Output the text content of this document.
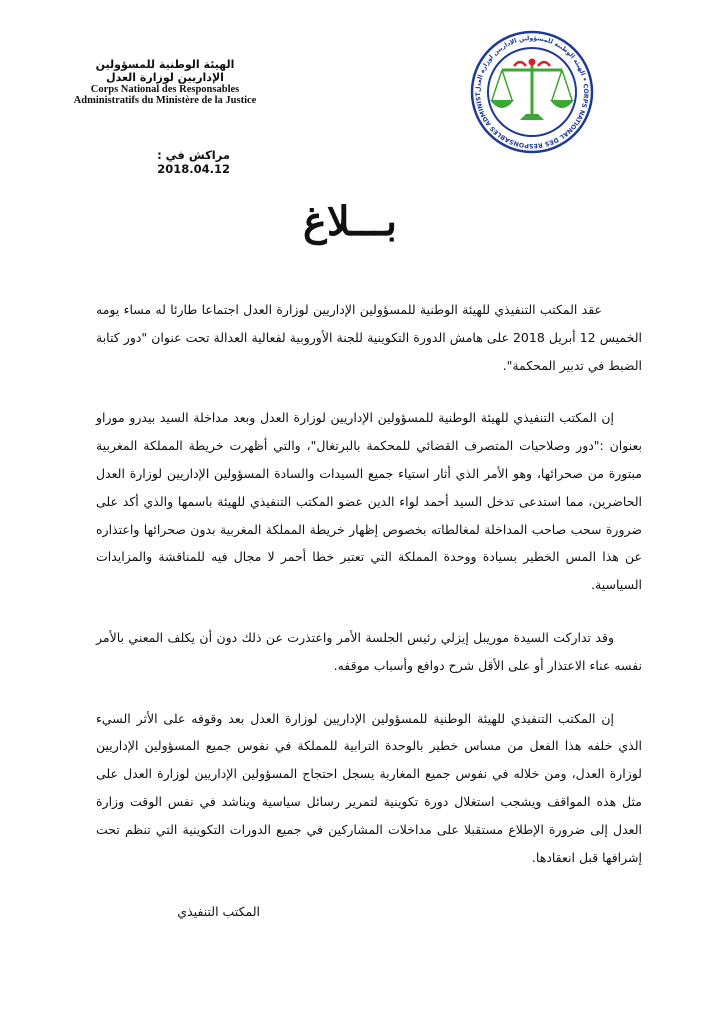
الهيئة الوطنية للمسؤولين
الإداريين لوزارة العدل
Corps National des Responsables
Administratifs du Ministère de la Justice
الهيئة الوطنية للمسؤولين الإداريين لوزارة العدل • CORPS NATIONAL DES RESPONSABLES ADMINIST
مراكش في : 2018.04.12
بـــلاغ

عقد المكتب التنفيذي للهيئة الوطنية للمسؤولين الإداريين لوزارة العدل اجتماعا طارئا له مساء يومه الخميس 12 أبريل 2018 على هامش الدورة التكوينية للجنة الأوروبية لفعالية العدالة تحت عنوان "دور كتابة الضبط في تدبير المحكمة".

إن المكتب التنفيذي للهيئة الوطنية للمسؤولين الإداريين لوزارة العدل وبعد مداخلة السيد بيدرو موراو بعنوان :"دور وصلاحيات المتصرف القضائي للمحكمة بالبرتغال"، والتي أظهرت خريطة المملكة المغربية مبتورة من صحرائها، وهو الأمر الذي أثار استياء جميع السيدات والسادة المسؤولين الإداريين لوزارة العدل الحاضرين، مما استدعى تدخل السيد أحمد لواء الدين عضو المكتب التنفيذي للهيئة باسمها والذي أكد على ضرورة سحب صاحب المداخلة لمغالطاته بخصوص إظهار خريطة المملكة المغربية بدون صحرائها واعتذاره عن هذا المس الخطير بسيادة ووحدة المملكة التي تعتبر خطا أحمر لا مجال فيه للمناقشة والمزايدات السياسية.

وقد تداركت السيدة موريبل إيزلي رئيس الجلسة الأمر واعتذرت عن ذلك دون أن يكلف المعني بالأمر نفسه عناء الاعتذار أو على الأقل شرح دوافع وأسباب موقفه.

إن المكتب التنفيذي للهيئة الوطنية للمسؤولين الإداريين لوزارة العدل بعد وقوفه على الأثر السيء الذي خلفه هذا الفعل من مساس خطير بالوحدة الترابية للمملكة في نفوس جميع المسؤولين الإداريين لوزارة العدل، ومن خلاله في نفوس جميع المغاربة يسجل احتجاج المسؤولين الإداريين لوزارة العدل على مثل هذه المواقف ويشجب استغلال دورة تكوينية لتمرير رسائل سياسية ويناشد في نفس الوقت وزارة العدل إلى ضرورة الإطلاع مستقبلا على مداخلات المشاركين في جميع الدورات التكوينية التي تنظم تحت إشرافها قبل انعقادها.

المكتب التنفيذي
